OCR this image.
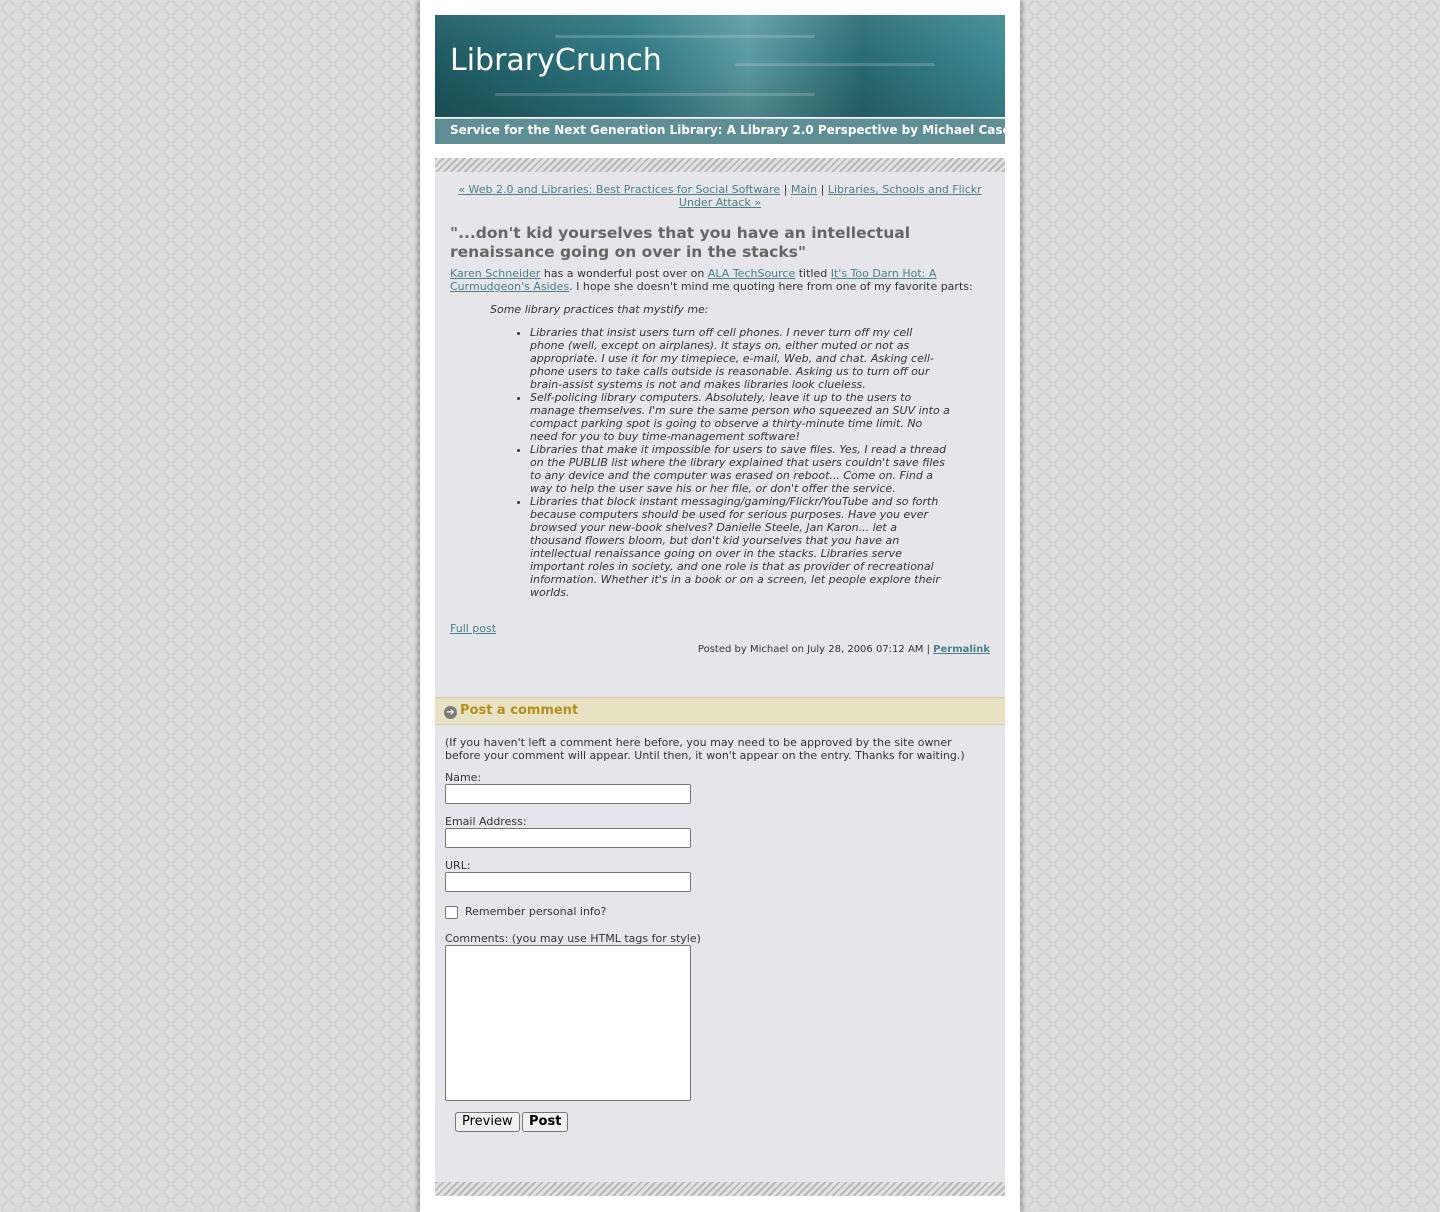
LibraryCrunch
Service for the Next Generation Library: A Library 2.0 Perspective by Michael Casey
« Web 2.0 and Libraries: Best Practices for Social Software | Main | Libraries, Schools and Flickr Under Attack »
"...don't kid yourselves that you have an intellectual renaissance going on over in the stacks"
Karen Schneider has a wonderful post over on ALA TechSource titled It's Too Darn Hot: A Curmudgeon's Asides. I hope she doesn't mind me quoting here from one of my favorite parts:
Some library practices that mystify me:
• Libraries that insist users turn off cell phones. I never turn off my cell phone (well, except on airplanes). It stays on, either muted or not as appropriate. I use it for my timepiece, e-mail, Web, and chat. Asking cell-phone users to take calls outside is reasonable. Asking us to turn off our brain-assist systems is not and makes libraries look clueless.
• Self-policing library computers. Absolutely, leave it up to the users to manage themselves. I'm sure the same person who squeezed an SUV into a compact parking spot is going to observe a thirty-minute time limit. No need for you to buy time-management software!
• Libraries that make it impossible for users to save files. Yes, I read a thread on the PUBLIB list where the library explained that users couldn't save files to any device and the computer was erased on reboot... Come on. Find a way to help the user save his or her file, or don't offer the service.
• Libraries that block instant messaging/gaming/Flickr/YouTube and so forth because computers should be used for serious purposes. Have you ever browsed your new-book shelves? Danielle Steele, Jan Karon... let a thousand flowers bloom, but don't kid yourselves that you have an intellectual renaissance going on over in the stacks. Libraries serve important roles in society, and one role is that as provider of recreational information. Whether it's in a book or on a screen, let people explore their worlds.
Full post
Posted by Michael on July 28, 2006 07:12 AM | Permalink
➔ Post a comment
(If you haven't left a comment here before, you may need to be approved by the site owner before your comment will appear. Until then, it won't appear on the entry. Thanks for waiting.)
Name:
Email Address:
URL:
Remember personal info?
Comments: (you may use HTML tags for style)
Preview	Post
